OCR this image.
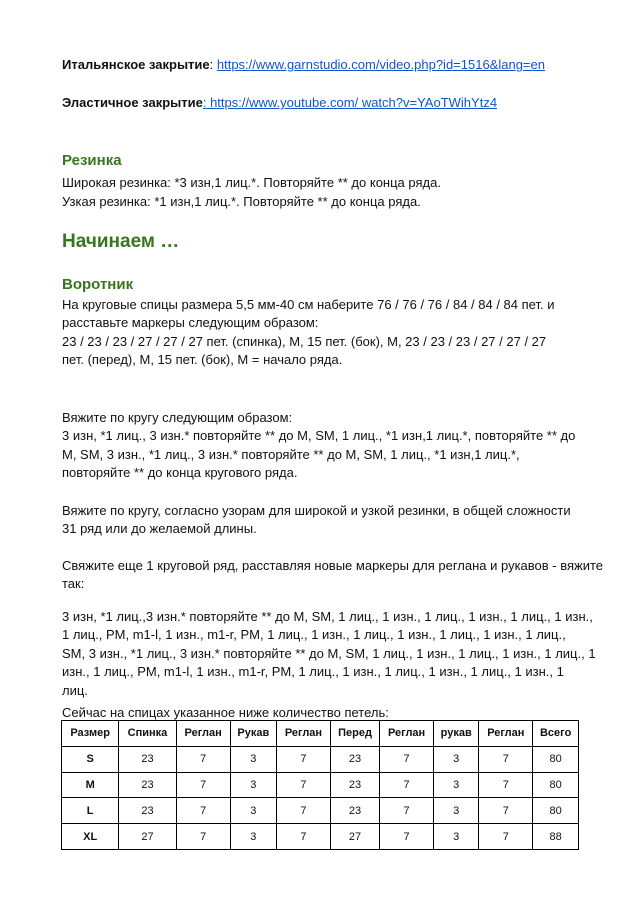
Итальянское закрытие: https://www.garnstudio.com/video.php?id=1516&lang=en
Эластичное закрытие: https://www.youtube.com/ watch?v=YAoTWihYtz4
Резинка
Широкая резинка: *3 изн,1 лиц.*. Повторяйте ** до конца ряда.
Узкая резинка: *1 изн,1 лиц.*. Повторяйте ** до конца ряда.
Начинаем …
Воротник
На круговые спицы размера 5,5 мм-40 см наберите 76 / 76 / 76 / 84 / 84 / 84 пет. и
расставьте маркеры следующим образом:
23 / 23 / 23 / 27 / 27 / 27 пет. (спинка), М, 15 пет. (бок), М, 23 / 23 / 23 / 27 / 27 / 27
пет. (перед), М, 15 пет. (бок), М = начало ряда.
Вяжите по кругу следующим образом:
3 изн, *1 лиц., 3 изн.* повторяйте ** до М, SM, 1 лиц., *1 изн,1 лиц.*, повторяйте ** до
М, SM, 3 изн., *1 лиц., 3 изн.* повторяйте ** до М, SM, 1 лиц., *1 изн,1 лиц.*,
повторяйте ** до конца кругового ряда.
Вяжите по кругу, согласно узорам для широкой и узкой резинки, в общей сложности
31 ряд или до желаемой длины.
Свяжите еще 1 круговой ряд, расставляя новые маркеры для реглана и рукавов - вяжите
так:
3 изн, *1 лиц.,3 изн.* повторяйте ** до М, SM, 1 лиц., 1 изн., 1 лиц., 1 изн., 1 лиц., 1 изн.,
1 лиц., PM, m1-l, 1 изн., m1-r, PM, 1 лиц., 1 изн., 1 лиц., 1 изн., 1 лиц., 1 изн., 1 лиц.,
SM, 3 изн., *1 лиц., 3 изн.* повторяйте ** до М, SM, 1 лиц., 1 изн., 1 лиц., 1 изн., 1 лиц., 1
изн., 1 лиц., PM, m1-l, 1 изн., m1-r, PM, 1 лиц., 1 изн., 1 лиц., 1 изн., 1 лиц., 1 изн., 1
лиц.
Сейчас на спицах указанное ниже количество петель:
Размер	Спинка	Реглан	Рукав	Реглан	Перед	Реглан	рукав	Реглан	Всего
S	23	7	3	7	23	7	3	7	80
M	23	7	3	7	23	7	3	7	80
L	23	7	3	7	23	7	3	7	80
XL	27	7	3	7	27	7	3	7	88
